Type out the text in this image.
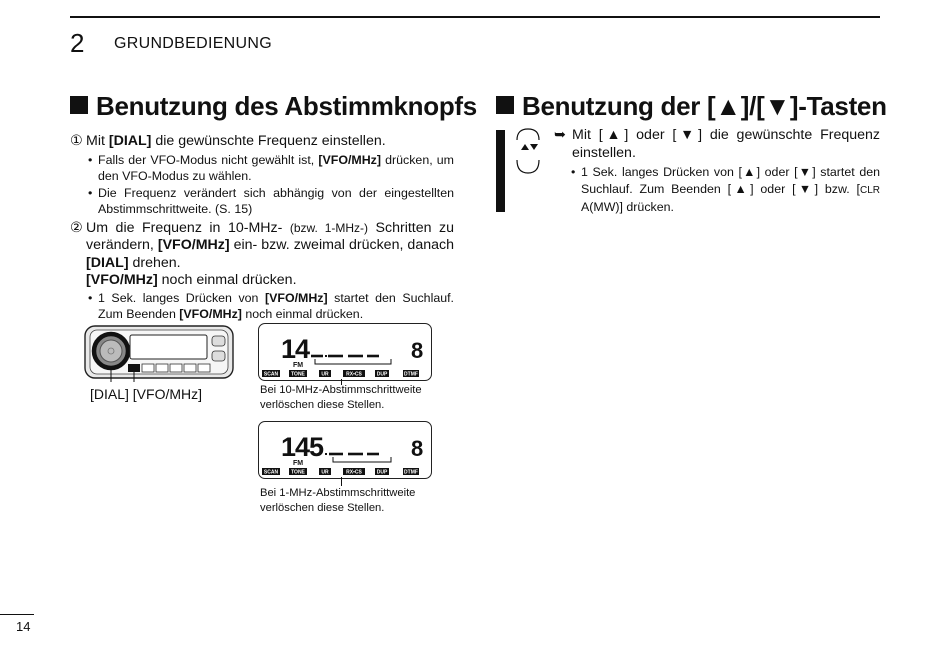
2 GRUNDBEDIENUNG
Benutzung des Abstimmknopfs
① Mit [DIAL] die gewünschte Frequenz einstellen.
• Falls der VFO-Modus nicht gewählt ist, [VFO/MHz] drücken, um den VFO-Modus zu wählen.
• Die Frequenz verändert sich abhängig von der eingestellten Abstimmschrittweite. (S. 15)
② Um die Frequenz in 10-MHz- (bzw. 1-MHz-) Schritten zu verändern, [VFO/MHz] ein- bzw. zweimal drücken, danach [DIAL] drehen.
[VFO/MHz] noch einmal drücken.
• 1 Sek. langes Drücken von [VFO/MHz] startet den Suchlauf. Zum Beenden [VFO/MHz] noch einmal drücken.
[DIAL] [VFO/MHz]
14
FM
8
SCAN	TONE	UR	RX•CS	DUP	DTMF
Bei 10-MHz-Abstimmschrittweite
verlöschen diese Stellen.
145
FM
8
SCAN	TONE	UR	RX•CS	DUP	DTMF
Bei 1-MHz-Abstimmschrittweite
verlöschen diese Stellen.
Benutzung der [▲]/[▼]-Tasten
➥ Mit [▲] oder [▼] die gewünschte Frequenz einstellen.
• 1 Sek. langes Drücken von [▲] oder [▼] startet den Suchlauf. Zum Beenden [▲] oder [▼] bzw. [CLR A(MW)] drücken.
14
